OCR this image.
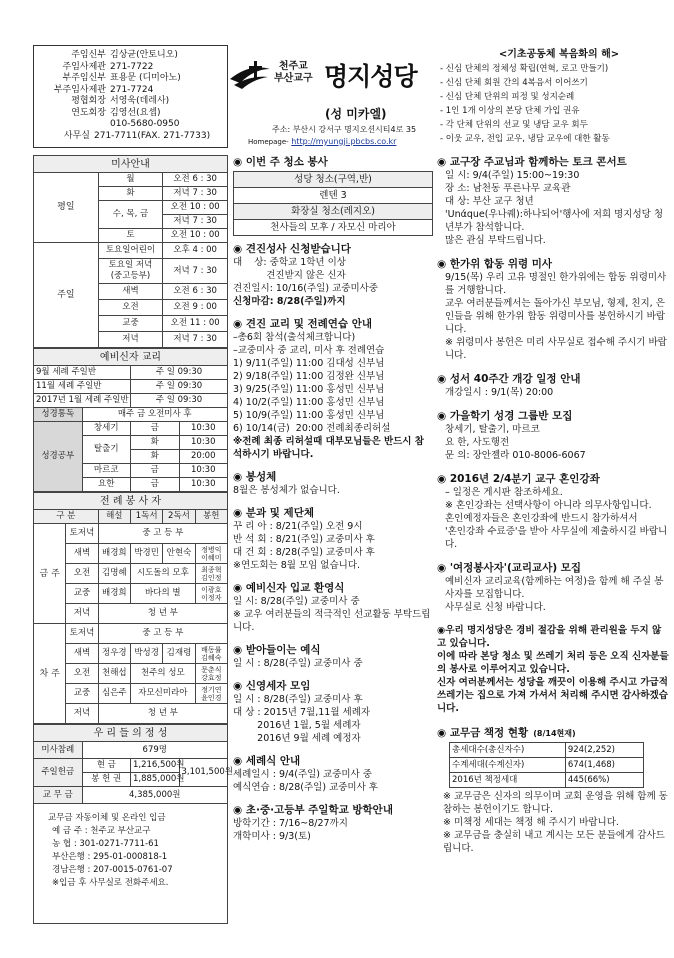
주임신부 김상균(안토니오)
주임사제관 271-7722
부주임신부 표용문 (디미아노)
부주임사제관 271-7724
평협회장 서영욱(데레사)
연도회장 김영선(요셉)
010-5680-0950
사무실 271-7711(FAX. 271-7733)
천주교
부산교구 명지성당
(성 미카엘)
주소: 부산시 강서구 명지오션시티4로 35
Homepage- http://myungji.pbcbs.co.kr
<기초공동체 복음화의 해>
- 신심 단체의 정체성 확립(연혁, 로고 만들기)
- 신심 단체 회원 간의 4복음서 이어쓰기
- 신심 단체 단위의 피정 및 성지순례
- 1인 1개 이상의 본당 단체 가입 권유
- 각 단체 단위의 선교 및 냉담 교우 회두
- 이웃 교우, 전입 교우, 냉담 교우에 대한 활동
미사안내		
평일	월	오전 6 : 30
	화	저녁 7 : 30
	수, 목, 금	오전 10 : 00
		저녁 7 : 30
	토	오전 10 : 00
주일	토요일어린이	오후 4 : 00
	토요일 저녁
(중고등부)	저녁 7 : 30
	새벽	오전 6 : 30
	오전	오전 9 : 00
	교중	오전 11 : 00
	저녁	저녁 7 : 30
예비신자 교리			
9월 세례 주일반		주 일 09:30	
11월 세례 주일반		주 일 09:30	
2017년 1월 세례 주일반		주 일 09:30	
성경통독	매주 금 오전미사 후		
성경공부	창세기	금	10:30
	탈출기	화	10:30
		화	20:00
	마르코	금	10:30
	요한	금	10:30
전 례 봉 사 자					
구 분		해설	1독서	2독서	봉헌
금 주	토저녁	중 고 등 부			
	새벽	배경희	박경민	안현숙	정병익 이혜미
	오전	김명혜	시도돌의 모후		최종혁 김인정
	교중	배경희	바다의 별		이광호 이정자
	저녁	청 년 부			
차 주	토저녁	중 고 등 부			
	새벽	정우경	박성경	김재령	배동률 김혜숙
	오전	천해섭	천주의 성모		문춘식 강효정
	교중	심은주	자모신미라아		정기연 윤인경
	저녁	청 년 부			
우 리 들 의 정 성			
미사참례	679명		
주일헌금	현 금	1,216,500원	3,101,500원
	봉 헌 권	1,885,000원	
교 무 금	4,385,000원		
교무금 자동이체 및 온라인 입금
예 금 주 : 천주교 부산교구
농 협 : 301-0271-7711-61
부산은행 : 295-01-000818-1
경남은행 : 207-0015-0761-07
※입금 후 사무실로 전화주세요.
◉ 이번 주 청소 봉사
성당 청소(구역,반)
렌텐 3
화장실 청소(레지오)
천사들의 모후 / 자모신 마리아
◉ 견진성사 신청받습니다
대    상: 중학교 1학년 이상
견진받지 않은 신자
견진일시: 10/16(주일) 교중미사중
신청마감: 8/28(주일)까지
◉ 견진 교리 및 전례연습 안내
–총6회 참석(출석체크합니다)
–교중미사 중 교리, 미사 후 전례연습
1) 9/11(주일) 11:00 김대성 신부님
2) 9/18(주일) 11:00 김정완 신부님
3) 9/25(주일) 11:00 홍성민 신부님
4) 10/2(주일) 11:00 홍성민 신부님
5) 10/9(주일) 11:00 홍성민 신부님
6) 10/14(금)  20:00 전례최종리허설
※전례 최종 리허설때 대부모님들은 반드시 참석하시기 바랍니다.
◉ 봉성체
8월은 봉성체가 없습니다.
◉ 분과 및 제단체
꾸 리 아 : 8/21(주일) 오전 9시
반 석 회 : 8/21(주일) 교중미사 후
대 건 회 : 8/28(주일) 교중미사 후
※연도회는 8월 모임 없습니다.
◉ 예비신자 입교 환영식
일 시: 8/28(주일) 교중미사 중
※ 교우 여러분들의 적극적인 선교활동 부탁드립니다.
◉ 받아들이는 예식
일 시 : 8/28(주일) 교중미사 중
◉ 신영세자 모임
일 시 : 8/28(주일) 교중미사 후
대 상 : 2015년 7월,11월 세례자
2016년 1월, 5월 세례자
2016년 9월 세례 예정자
◉ 세례식 안내
세례일시 : 9/4(주일) 교중미사 중
예식연습 : 8/28(주일) 교중미사 후
◉ 초·중·고등부 주일학교 방학안내
방학기간 : 7/16~8/27까지
개학미사 : 9/3(토)
◉ 교구장 주교님과 함께하는 토크 콘서트
일 시: 9/4(주일) 15:00~19:30
장 소: 남천동 푸른나무 교육관
대 상: 부산 교구 청년
'Unάque(우나퀘):하나되어'행사에 저희 명지성당 청년부가 참석합니다.
많은 관심 부탁드립니다.
◉ 한가위 합동 위령 미사
9/15(목) 우리 고유 명절인 한가위에는 합동 위령미사를 거행합니다.
교우 여러분들께서는 돌아가신 부모님, 형제, 친지, 은인들을 위해 한가위 합동 위령미사를 봉헌하시기 바랍니다.
※ 위령미사 봉헌은 미리 사무실로 접수해 주시기 바랍니다.
◉ 성서 40주간 개강 일정 안내
개강일시 : 9/1(목) 20:00
◉ 가을학기 성경 그룹반 모집
창세기, 탈출기, 마르코
요 한, 사도행전
문 의: 장안젤라 010-8006-6067
◉ 2016년 2/4분기 교구 혼인강좌
– 일정은 게시판 참조하세요.
※ 혼인강좌는 선택사항이 아니라 의무사항입니다.
혼인예정자들은 혼인강좌에 반드시 참가하셔서
'혼인강좌 수료증'을 받아 사무실에 제출하시길 바랍니다.
◉ '여정봉사자'(교리교사) 모집
예비신자 교리교육(함께하는 여정)을 함께 해 주실 봉사자를 모집합니다.
사무실로 신청 바랍니다.
◉우리 명지성당은 경비 절감을 위해 관리원을 두지 않고 있습니다.
이에 따라 본당 청소 및 쓰레기 처리 등은 오직 신자분들의 봉사로 이루어지고 있습니다.
신자 여러분께서는 성당을 깨끗이 이용해 주시고 가급적 쓰레기는 집으로 가져 가셔서 처리해 주시면 감사하겠습니다.
◉ 교무금 책정 현황 (8/14현재)
총세대수(총신자수)	924(2,252)
수계세대(수계신자)	674(1,468)
2016년 책정세대	445(66%)
※ 교무금은 신자의 의무이며 교회 운영을 위해 함께 동참하는 봉헌이기도 합니다.
※ 미책정 세대는 책정 해 주시기 바랍니다.
※ 교무금을 충실히 내고 계시는 모든 분들에게 감사드립니다.
